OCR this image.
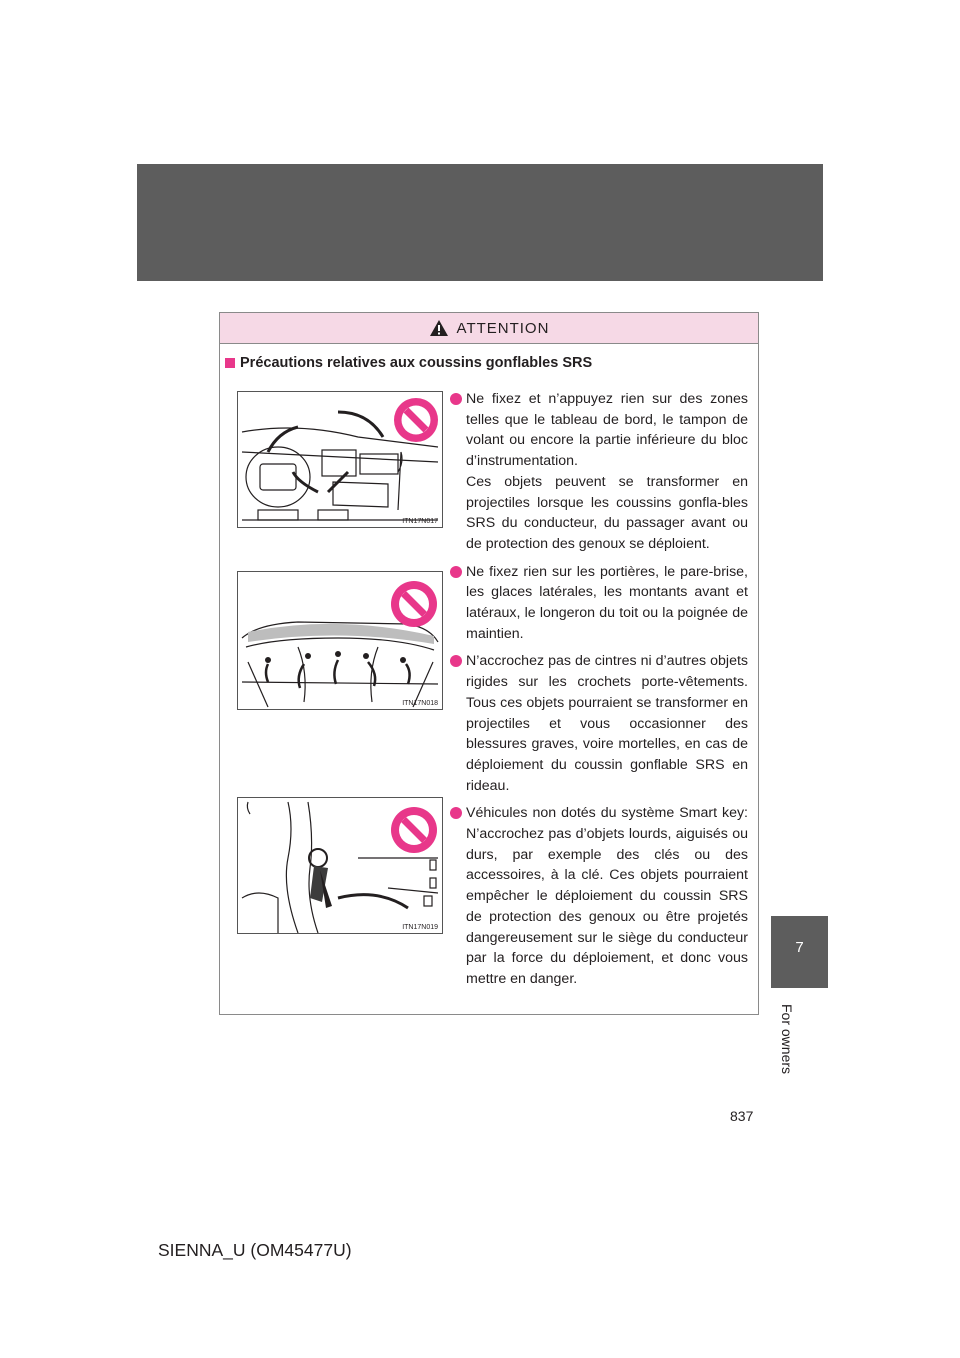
7
For owners
ATTENTION
Précautions relatives aux coussins gonflables SRS
ITN17N017
ITN17N018
ITN17N019

Ne fixez et n’appuyez rien sur des zones telles que le tableau de bord, le tampon de volant ou encore la partie inférieure du bloc d’instrumentation.

Ces objets peuvent se transformer en projectiles lorsque les coussins gonfla-bles SRS du conducteur, du passager avant ou de protection des genoux se déploient.

Ne fixez rien sur les portières, le pare-brise, les glaces latérales, les montants avant et latéraux, le longeron du toit ou la poignée de maintien.

N’accrochez pas de cintres ni d’autres objets rigides sur les crochets porte-vêtements. Tous ces objets pourraient se transformer en projectiles et vous occasionner des blessures graves, voire mortelles, en cas de déploiement du coussin gonflable SRS en rideau.

Véhicules non dotés du système Smart key: N’accrochez pas d’objets lourds, aiguisés ou durs, par exemple des clés ou des accessoires, à la clé. Ces objets pourraient empêcher le déploiement du coussin SRS de protection des genoux ou être projetés dangereusement sur le siège du conducteur par la force du déploiement, et donc vous mettre en danger.

837
SIENNA_U (OM45477U)
